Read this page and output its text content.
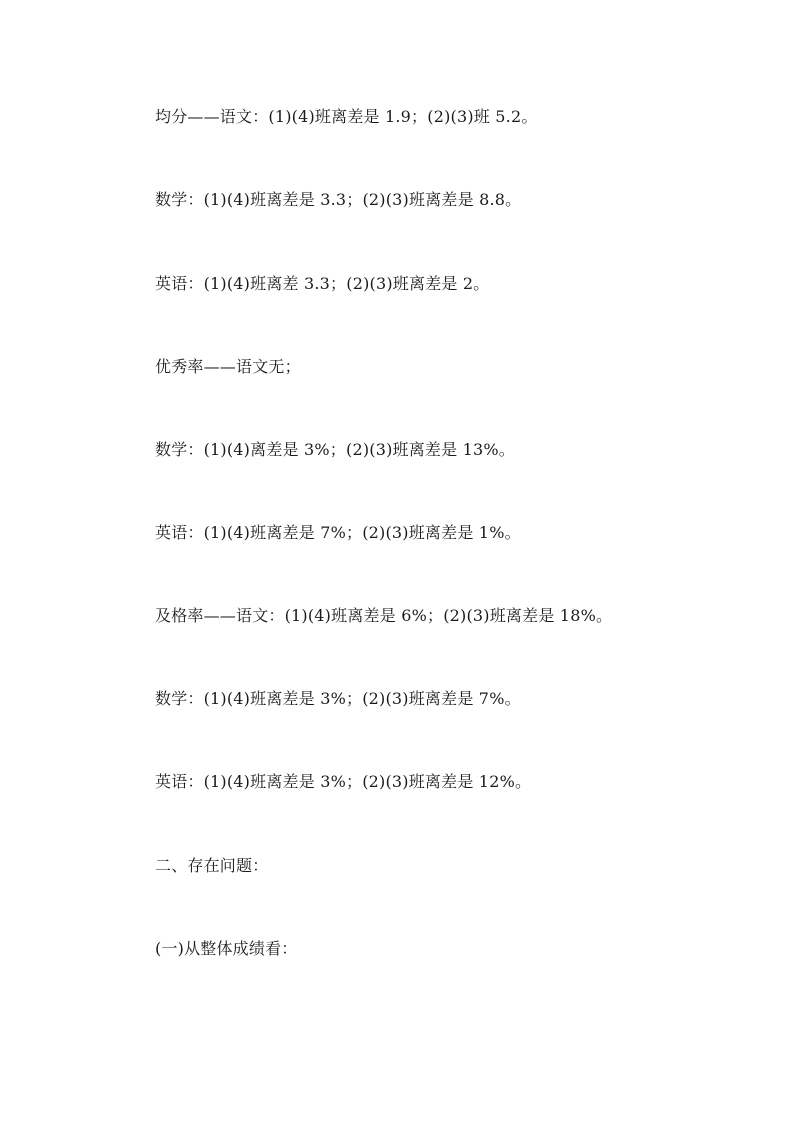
均分——语文：(1)(4)班离差是 1.9；(2)(3)班 5.2。
数学：(1)(4)班离差是 3.3；(2)(3)班离差是 8.8。
英语：(1)(4)班离差 3.3；(2)(3)班离差是 2。
优秀率——语文无；
数学：(1)(4)离差是 3%；(2)(3)班离差是 13%。
英语：(1)(4)班离差是 7%；(2)(3)班离差是 1%。
及格率——语文：(1)(4)班离差是 6%；(2)(3)班离差是 18%。
数学：(1)(4)班离差是 3%；(2)(3)班离差是 7%。
英语：(1)(4)班离差是 3%；(2)(3)班离差是 12%。
二、存在问题：
(一)从整体成绩看：
